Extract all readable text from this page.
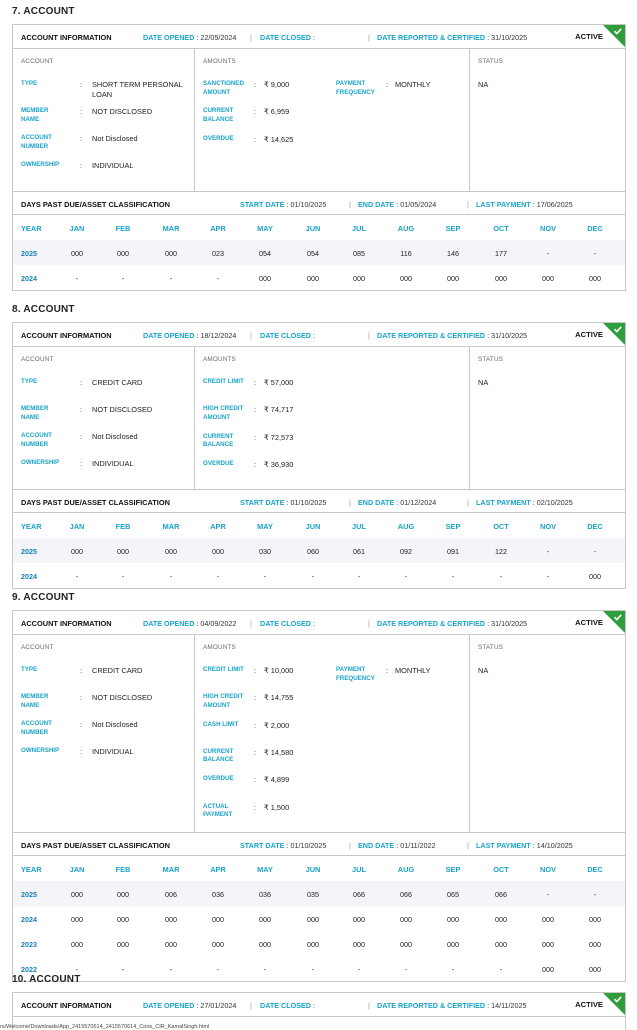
7. ACCOUNT
ACCOUNT INFORMATION	DATE OPENED : 22/05/2024 | DATE CLOSED :	| DATE REPORTED & CERTIFIED : 31/10/2025	ACTIVE
ACCOUNT	AMOUNTS	STATUS
TYPE	: SHORT TERM PERSONAL LOAN
MEMBER NAME
: NOT DISCLOSED
ACCOUNT NUMBER
: Not Disclosed
OWNERSHIP	: INDIVIDUAL
SANCTIONED AMOUNT
: ₹ 9,000
CURRENT BALANCE
: ₹ 6,959
OVERDUE	: ₹ 14,625
PAYMENT FREQUENCY
: MONTHLY	NA
DAYS PAST DUE/ASSET CLASSIFICATION	START DATE : 01/10/2025	| END DATE : 01/05/2024	| LAST PAYMENT : 17/06/2025
YEAR	JAN	FEB	MAR	APR	MAY	JUN	JUL	AUG	SEP	OCT	NOV	DEC
2025	000	000	000	023	054	054	085	116	146	177	-	-
2024	-	-	-	-	000	000	000	000	000	000	000	000
8. ACCOUNT
ACCOUNT INFORMATION	DATE OPENED : 18/12/2024 | DATE CLOSED :	| DATE REPORTED & CERTIFIED : 31/10/2025	ACTIVE
ACCOUNT	AMOUNTS	STATUS
TYPE	: CREDIT CARD
MEMBER NAME
: NOT DISCLOSED
ACCOUNT NUMBER
: Not Disclosed
OWNERSHIP	: INDIVIDUAL
CREDIT LIMIT	: ₹ 57,000
HIGH CREDIT AMOUNT
: ₹ 74,717
CURRENT BALANCE
: ₹ 72,573
OVERDUE	: ₹ 36,930
NA
DAYS PAST DUE/ASSET CLASSIFICATION	START DATE : 01/10/2025	| END DATE : 01/12/2024	| LAST PAYMENT : 02/10/2025
YEAR	JAN	FEB	MAR	APR	MAY	JUN	JUL	AUG	SEP	OCT	NOV	DEC
2025	000	000	000	000	030	060	061	092	091	122	-	-
2024	-	-	-	-	-	-	-	-	-	-	-	000
9. ACCOUNT
ACCOUNT INFORMATION	DATE OPENED : 04/09/2022 | DATE CLOSED :	| DATE REPORTED & CERTIFIED : 31/10/2025	ACTIVE
ACCOUNT	AMOUNTS	STATUS
TYPE	: CREDIT CARD
MEMBER NAME
: NOT DISCLOSED
ACCOUNT NUMBER
: Not Disclosed
OWNERSHIP	: INDIVIDUAL
CREDIT LIMIT	: ₹ 10,000
HIGH CREDIT AMOUNT
: ₹ 14,755
CASH LIMIT	: ₹ 2,000
CURRENT BALANCE
: ₹ 14,580
OVERDUE	: ₹ 4,899
ACTUAL PAYMENT
: ₹ 1,500
PAYMENT FREQUENCY
: MONTHLY	NA
DAYS PAST DUE/ASSET CLASSIFICATION	START DATE : 01/10/2025	| END DATE : 01/11/2022	| LAST PAYMENT : 14/10/2025
YEAR	JAN	FEB	MAR	APR	MAY	JUN	JUL	AUG	SEP	OCT	NOV	DEC
2025	000	000	006	036	036	035	066	066	065	066	-	-
2024	000	000	000	000	000	000	000	000	000	000	000	000
2023	000	000	000	000	000	000	000	000	000	000	000	000
2022	-	-	-	-	-	-	-	-	-	-	000	000
10. ACCOUNT
ACCOUNT INFORMATION	DATE OPENED : 27/01/2024 | DATE CLOSED :	| DATE REPORTED & CERTIFIED : 14/11/2025	ACTIVE
rs/Welcome/Downloads/App_2415570614_2415570614_Cons_CIR_KamalSingh.html
